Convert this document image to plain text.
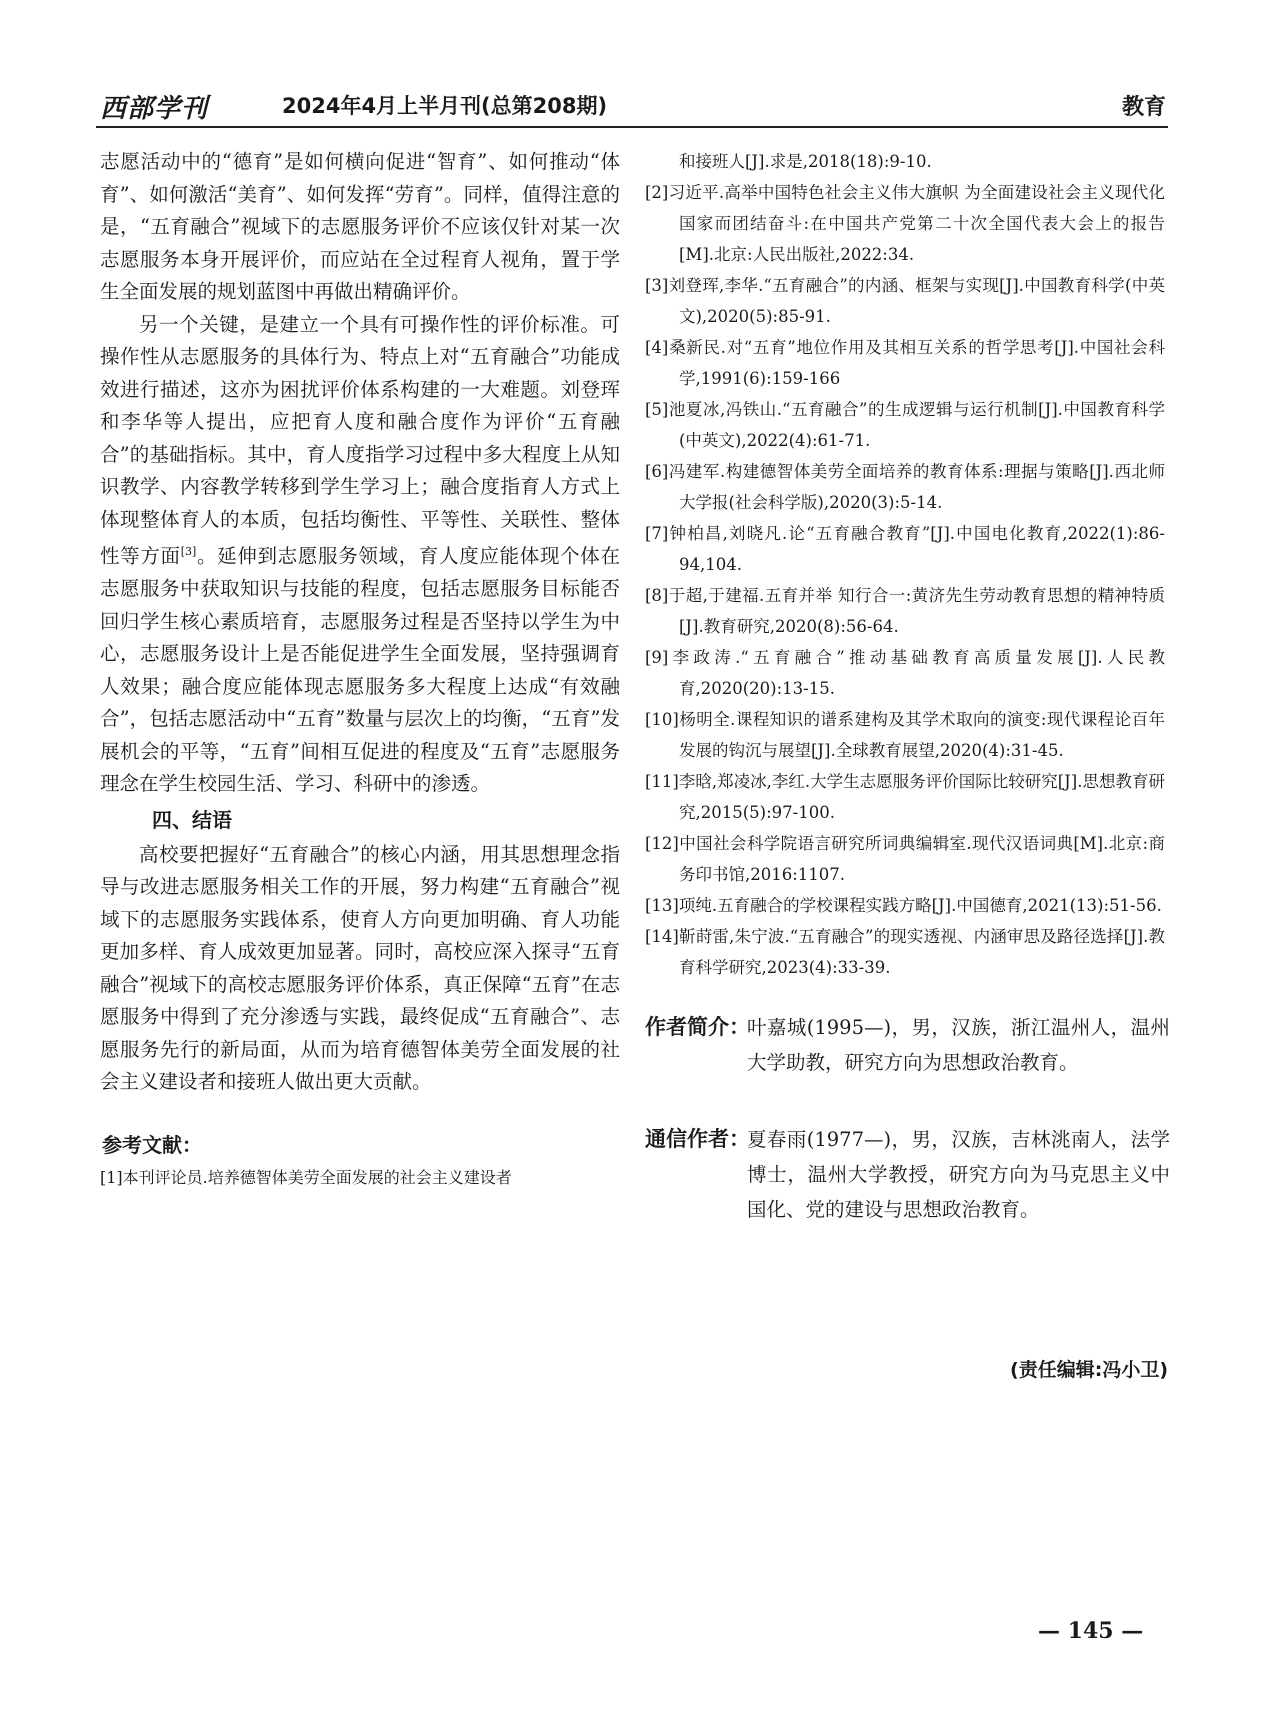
西部学刊	2024年4月上半月刊(总第208期)	教育

志愿活动中的“德育”是如何横向促进“智育”、如何推动“体育”、如何激活“美育”、如何发挥“劳育”。同样，值得注意的是，“五育融合”视域下的志愿服务评价不应该仅针对某一次志愿服务本身开展评价，而应站在全过程育人视角，置于学生全面发展的规划蓝图中再做出精确评价。

另一个关键，是建立一个具有可操作性的评价标准。可操作性从志愿服务的具体行为、特点上对“五育融合”功能成效进行描述，这亦为困扰评价体系构建的一大难题。刘登珲和李华等人提出，应把育人度和融合度作为评价“五育融合”的基础指标。其中，育人度指学习过程中多大程度上从知识教学、内容教学转移到学生学习上；融合度指育人方式上体现整体育人的本质，包括均衡性、平等性、关联性、整体性等方面[3]。延伸到志愿服务领域，育人度应能体现个体在志愿服务中获取知识与技能的程度，包括志愿服务目标能否回归学生核心素质培育，志愿服务过程是否坚持以学生为中心，志愿服务设计上是否能促进学生全面发展，坚持强调育人效果；融合度应能体现志愿服务多大程度上达成“有效融合”，包括志愿活动中“五育”数量与层次上的均衡，“五育”发展机会的平等，“五育”间相互促进的程度及“五育”志愿服务理念在学生校园生活、学习、科研中的渗透。

四、结语

高校要把握好“五育融合”的核心内涵，用其思想理念指导与改进志愿服务相关工作的开展，努力构建“五育融合”视域下的志愿服务实践体系，使育人方向更加明确、育人功能更加多样、育人成效更加显著。同时，高校应深入探寻“五育融合”视域下的高校志愿服务评价体系，真正保障“五育”在志愿服务中得到了充分渗透与实践，最终促成“五育融合”、志愿服务先行的新局面，从而为培育德智体美劳全面发展的社会主义建设者和接班人做出更大贡献。

参考文献：

[1]本刊评论员.培养德智体美劳全面发展的社会主义建设者

和接班人[J].求是,2018(18):9-10.

[2]习近平.高举中国特色社会主义伟大旗帜 为全面建设社会主义现代化国家而团结奋斗:在中国共产党第二十次全国代表大会上的报告[M].北京:人民出版社,2022:34.
[3]刘登珲,李华.“五育融合”的内涵、框架与实现[J].中国教育科学(中英文),2020(5):85-91.
[4]桑新民.对“五育”地位作用及其相互关系的哲学思考[J].中国社会科学,1991(6):159-166
[5]池夏冰,冯铁山.“五育融合”的生成逻辑与运行机制[J].中国教育科学(中英文),2022(4):61-71.
[6]冯建军.构建德智体美劳全面培养的教育体系:理据与策略[J].西北师大学报(社会科学版),2020(3):5-14.
[7]钟柏昌,刘晓凡.论“五育融合教育”[J].中国电化教育,2022(1):86-94,104.
[8]于超,于建福.五育并举 知行合一:黄济先生劳动教育思想的精神特质[J].教育研究,2020(8):56-64.
[9]李政涛.“五育融合”推动基础教育高质量发展[J].人民教育,2020(20):13-15.
[10]杨明全.课程知识的谱系建构及其学术取向的演变:现代课程论百年发展的钩沉与展望[J].全球教育展望,2020(4):31-45.
[11]李晗,郑凌冰,李红.大学生志愿服务评价国际比较研究[J].思想教育研究,2015(5):97-100.
[12]中国社会科学院语言研究所词典编辑室.现代汉语词典[M].北京:商务印书馆,2016:1107.
[13]项纯.五育融合的学校课程实践方略[J].中国德育,2021(13):51-56.
[14]靳莳雷,朱宁波.“五育融合”的现实透视、内涵审思及路径选择[J].教育科学研究,2023(4):33-39.
作者简介：
叶嘉城(1995—)，男，汉族，浙江温州人，温州大学助教，研究方向为思想政治教育。
通信作者：
夏春雨(1977—)，男，汉族，吉林洮南人，法学博士，温州大学教授，研究方向为马克思主义中国化、党的建设与思想政治教育。
(责任编辑:冯小卫)
— 145 —
